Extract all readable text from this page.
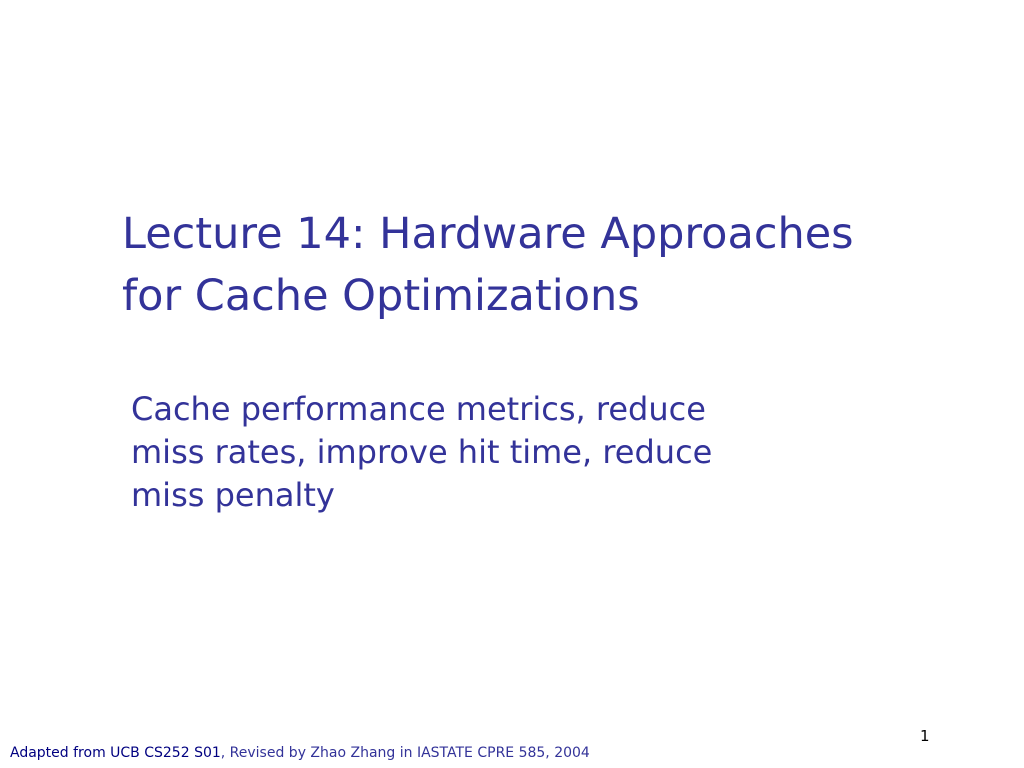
Lecture 14: Hardware Approaches
for Cache Optimizations
Cache performance metrics, reduce
miss rates, improve hit time, reduce
miss penalty
1
Adapted from UCB CS252 S01, Revised by Zhao Zhang in IASTATE CPRE 585, 2004
